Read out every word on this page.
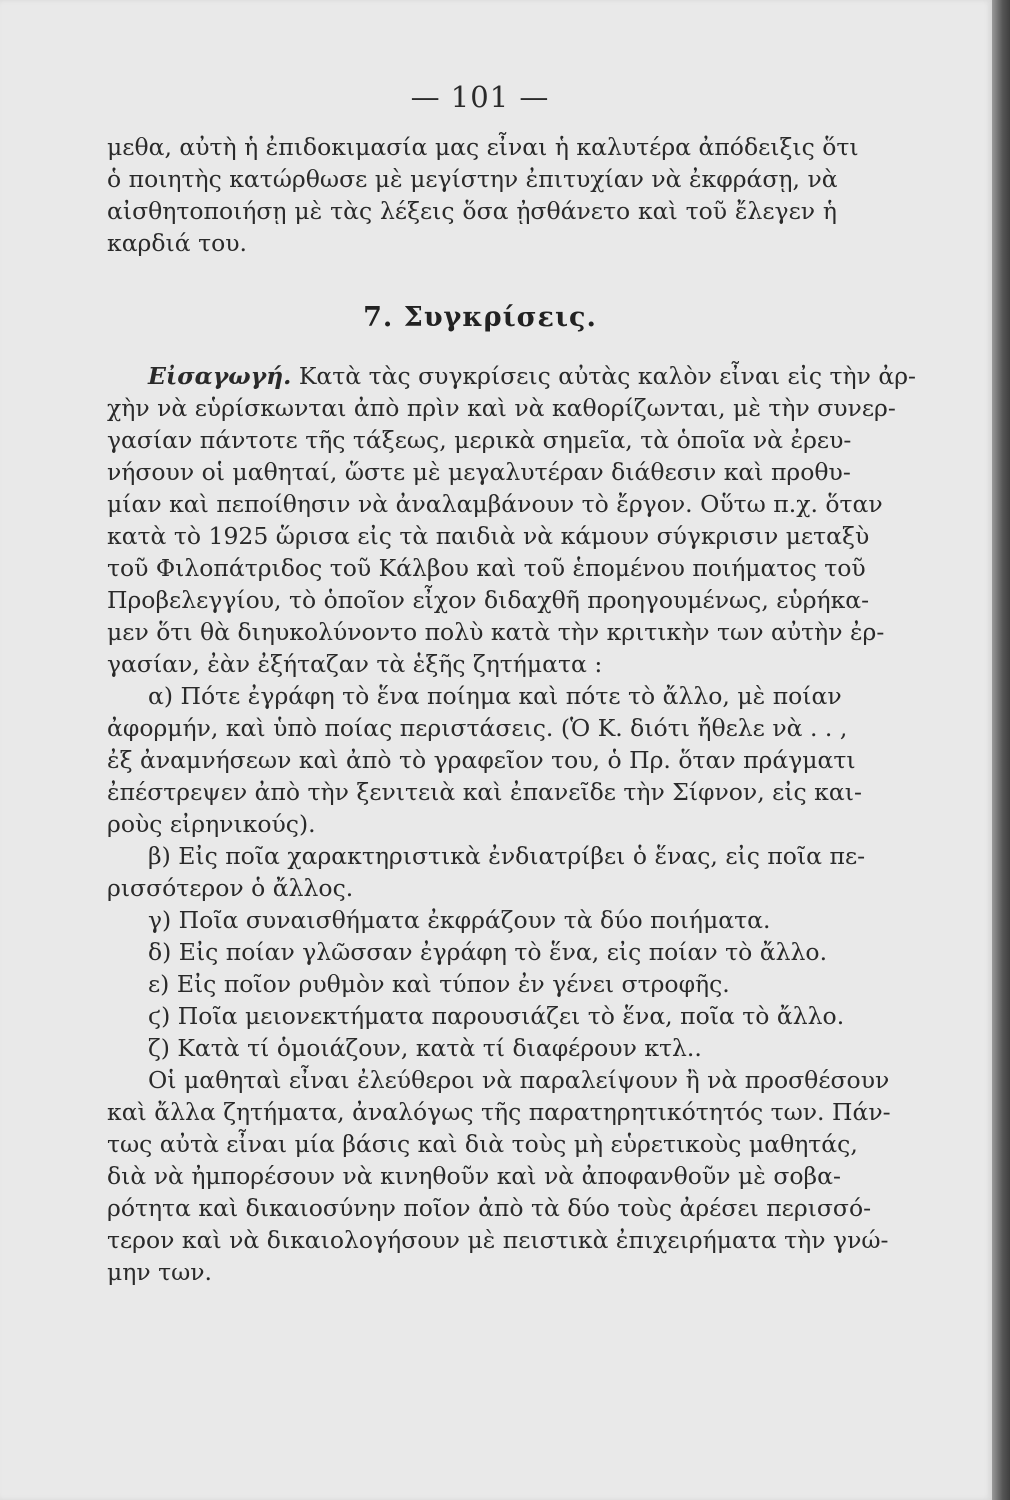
— 101 —
μεθα, αὐτὴ ἡ ἐπιδοκιμασία μας εἶναι ἡ καλυτέρα ἀπόδειξις ὅτι
ὁ ποιητὴς κατώρθωσε μὲ μεγίστην ἐπιτυχίαν νὰ ἐκφράσῃ, νὰ
αἰσθητοποιήσῃ μὲ τὰς λέξεις ὅσα ᾐσθάνετο καὶ τοῦ ἔλεγεν ἡ
καρδιά του.
7. Συγκρίσεις.
Εἰσαγωγή. Κατὰ τὰς συγκρίσεις αὐτὰς καλὸν εἶναι εἰς τὴν ἀρ-
χὴν νὰ εὑρίσκωνται ἀπὸ πρὶν καὶ νὰ καθορίζωνται, μὲ τὴν συνερ-
γασίαν πάντοτε τῆς τάξεως, μερικὰ σημεῖα, τὰ ὁποῖα νὰ ἐρευ-
νήσουν οἱ μαθηταί, ὥστε μὲ μεγαλυτέραν διάθεσιν καὶ προθυ-
μίαν καὶ πεποίθησιν νὰ ἀναλαμβάνουν τὸ ἔργον. Οὕτω π.χ. ὅταν
κατὰ τὸ 1925 ὥρισα εἰς τὰ παιδιὰ νὰ κάμουν σύγκρισιν μεταξὺ
τοῦ Φιλοπάτριδος τοῦ Κάλβου καὶ τοῦ ἑπομένου ποιήματος τοῦ
Προβελεγγίου, τὸ ὁποῖον εἶχον διδαχθῆ προηγουμένως, εὑρήκα-
μεν ὅτι θὰ διηυκολύνοντο πολὺ κατὰ τὴν κριτικὴν των αὐτὴν ἐρ-
γασίαν, ἐὰν ἐξήταζαν τὰ ἑξῆς ζητήματα :
α) Πότε ἐγράφη τὸ ἕνα ποίημα καὶ πότε τὸ ἄλλο, μὲ ποίαν
ἀφορμήν, καὶ ὑπὸ ποίας περιστάσεις. (Ὁ Κ. διότι ἤθελε νὰ . . ,
ἐξ ἀναμνήσεων καὶ ἀπὸ τὸ γραφεῖον του, ὁ Πρ. ὅταν πράγματι
ἐπέστρεψεν ἀπὸ τὴν ξενιτειὰ καὶ ἐπανεῖδε τὴν Σίφνον, εἰς και-
ροὺς εἰρηνικούς).
β) Εἰς ποῖα χαρακτηριστικὰ ἐνδιατρίβει ὁ ἕνας, εἰς ποῖα πε-
ρισσότερον ὁ ἄλλος.
γ) Ποῖα συναισθήματα ἐκφράζουν τὰ δύο ποιήματα.
δ) Εἰς ποίαν γλῶσσαν ἐγράφη τὸ ἕνα, εἰς ποίαν τὸ ἄλλο.
ε) Εἰς ποῖον ρυθμὸν καὶ τύπον ἐν γένει στροφῆς.
ϛ) Ποῖα μειονεκτήματα παρουσιάζει τὸ ἕνα, ποῖα τὸ ἄλλο.
ζ) Κατὰ τί ὁμοιάζουν, κατὰ τί διαφέρουν κτλ..
Οἱ μαθηταὶ εἶναι ἐλεύθεροι νὰ παραλείψουν ἢ νὰ προσθέσουν
καὶ ἄλλα ζητήματα, ἀναλόγως τῆς παρατηρητικότητός των. Πάν-
τως αὐτὰ εἶναι μία βάσις καὶ διὰ τοὺς μὴ εὑρετικοὺς μαθητάς,
διὰ νὰ ἠμπορέσουν νὰ κινηθοῦν καὶ νὰ ἀποφανθοῦν μὲ σοβα-
ρότητα καὶ δικαιοσύνην ποῖον ἀπὸ τὰ δύο τοὺς ἀρέσει περισσό-
τερον καὶ νὰ δικαιολογήσουν μὲ πειστικὰ ἐπιχειρήματα τὴν γνώ-
μην των.
